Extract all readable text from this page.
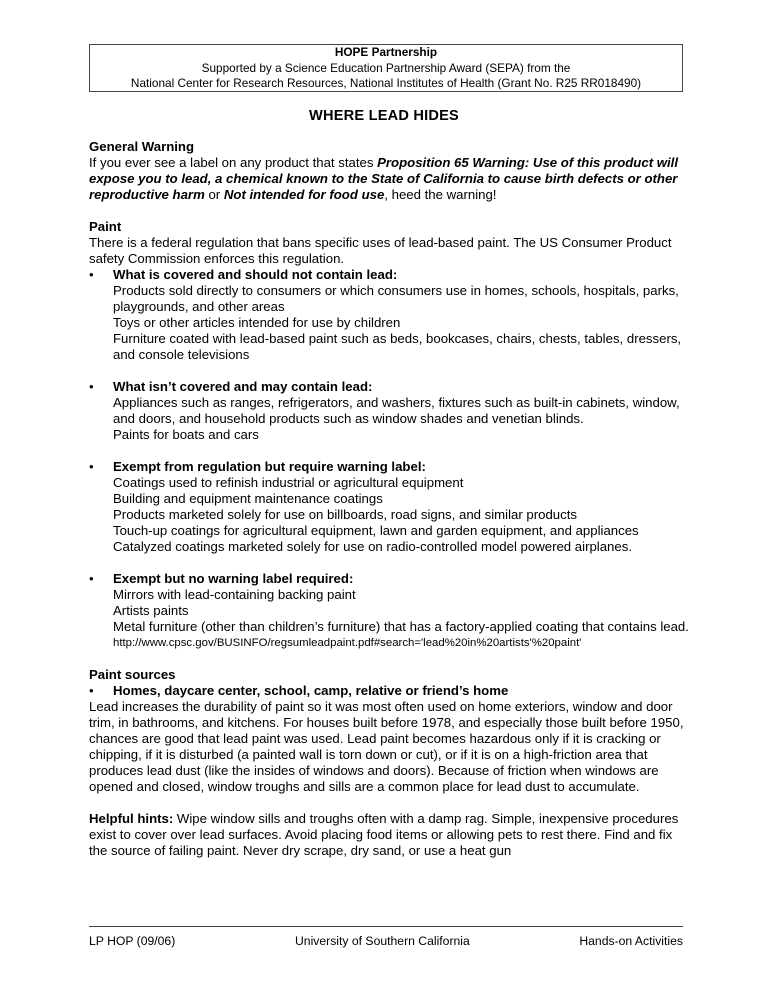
HOPE Partnership
Supported by a Science Education Partnership Award (SEPA) from the
National Center for Research Resources, National Institutes of Health (Grant No. R25 RR018490)
WHERE LEAD HIDES

General Warning

If you ever see a label on any product that states Proposition 65 Warning: Use of this product will expose you to lead, a chemical known to the State of California to cause birth defects or other reproductive harm or Not intended for food use, heed the warning!

Paint

There is a federal regulation that bans specific uses of lead-based paint. The US Consumer Product safety Commission enforces this regulation.

• What is covered and should not contain lead:
Products sold directly to consumers or which consumers use in homes, schools, hospitals, parks, playgrounds, and other areas
Toys or other articles intended for use by children
Furniture coated with lead-based paint such as beds, bookcases, chairs, chests, tables, dressers, and console televisions
• What isn’t covered and may contain lead:
Appliances such as ranges, refrigerators, and washers, fixtures such as built-in cabinets, window, and doors, and household products such as window shades and venetian blinds.
Paints for boats and cars
• Exempt from regulation but require warning label:
Coatings used to refinish industrial or agricultural equipment
Building and equipment maintenance coatings
Products marketed solely for use on billboards, road signs, and similar products
Touch-up coatings for agricultural equipment, lawn and garden equipment, and appliances
Catalyzed coatings marketed solely for use on radio-controlled model powered airplanes.
• Exempt but no warning label required:
Mirrors with lead-containing backing paint
Artists paints
Metal furniture (other than children’s furniture) that has a factory-applied coating that contains lead.
http://www.cpsc.gov/BUSINFO/regsumleadpaint.pdf#search='lead%20in%20artists'%20paint'

Paint sources

• Homes, daycare center, school, camp, relative or friend’s home

Lead increases the durability of paint so it was most often used on home exteriors, window and door trim, in bathrooms, and kitchens. For houses built before 1978, and especially those built before 1950, chances are good that lead paint was used. Lead paint becomes hazardous only if it is cracking or chipping, if it is disturbed (a painted wall is torn down or cut), or if it is on a high-friction area that produces lead dust (like the insides of windows and doors). Because of friction when windows are opened and closed, window troughs and sills are a common place for lead dust to accumulate.

Helpful hints: Wipe window sills and troughs often with a damp rag. Simple, inexpensive procedures exist to cover over lead surfaces. Avoid placing food items or allowing pets to rest there. Find and fix the source of failing paint. Never dry scrape, dry sand, or use a heat gun

LP HOP (09/06)	University of Southern California	Hands-on Activities
